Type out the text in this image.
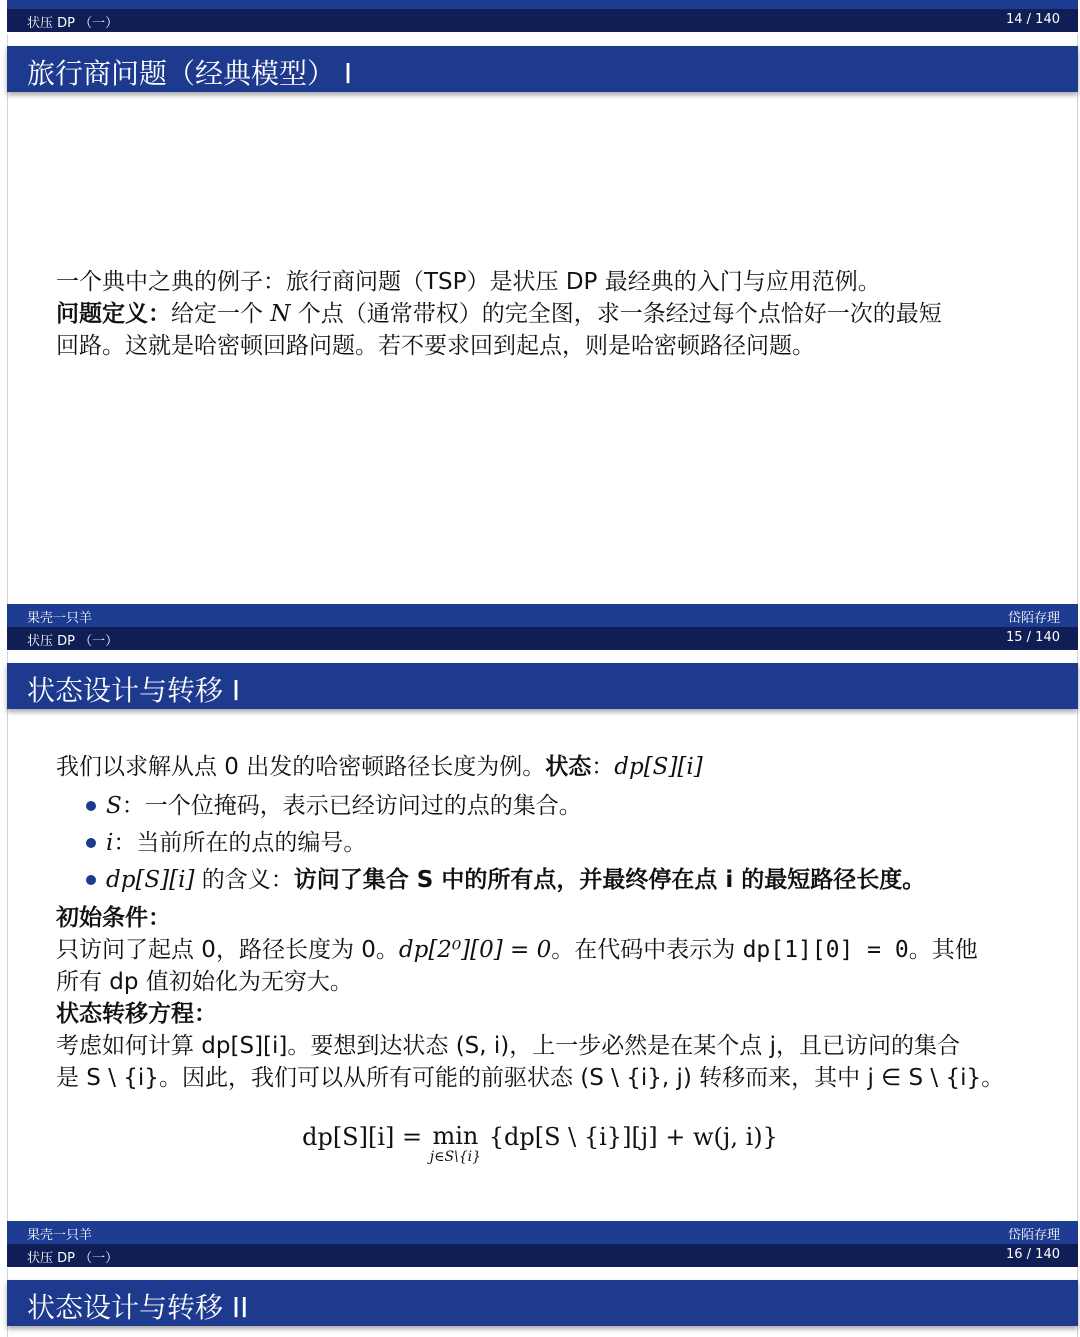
状压 DP （一）	14 / 140
旅行商问题（经典模型） I
一个典中之典的例子：旅行商问题（TSP）是状压 DP 最经典的入门与应用范例。
问题定义：给定一个 N 个点（通常带权）的完全图，求一条经过每个点恰好一次的最短
回路。这就是哈密顿回路问题。若不要求回到起点，则是哈密顿路径问题。
果壳一只羊	岱陌存理
状压 DP （一）	15 / 140
状态设计与转移 I
我们以求解从点 0 出发的哈密顿路径长度为例。状态：dp[S][i]
S：一个位掩码，表示已经访问过的点的集合。
i：当前所在的点的编号。
dp[S][i] 的含义：访问了集合 S 中的所有点，并最终停在点 i 的最短路径长度。
初始条件：
只访问了起点 0，路径长度为 0。dp[2⁰][0] = 0。在代码中表示为 dp[1][0] = 0。其他
所有 dp 值初始化为无穷大。
状态转移方程：
考虑如何计算 dp[S][i]。要想到达状态 (S, i)，上一步必然是在某个点 j，且已访问的集合
是 S \ {i}。因此，我们可以从所有可能的前驱状态 (S \ {i}, j) 转移而来，其中 j ∈ S \ {i}。
dp[S][i] = min
j∈S\{i}
{dp[S \ {i}][j] + w(j, i)}
果壳一只羊	岱陌存理
状压 DP （一）	16 / 140
状态设计与转移 II
